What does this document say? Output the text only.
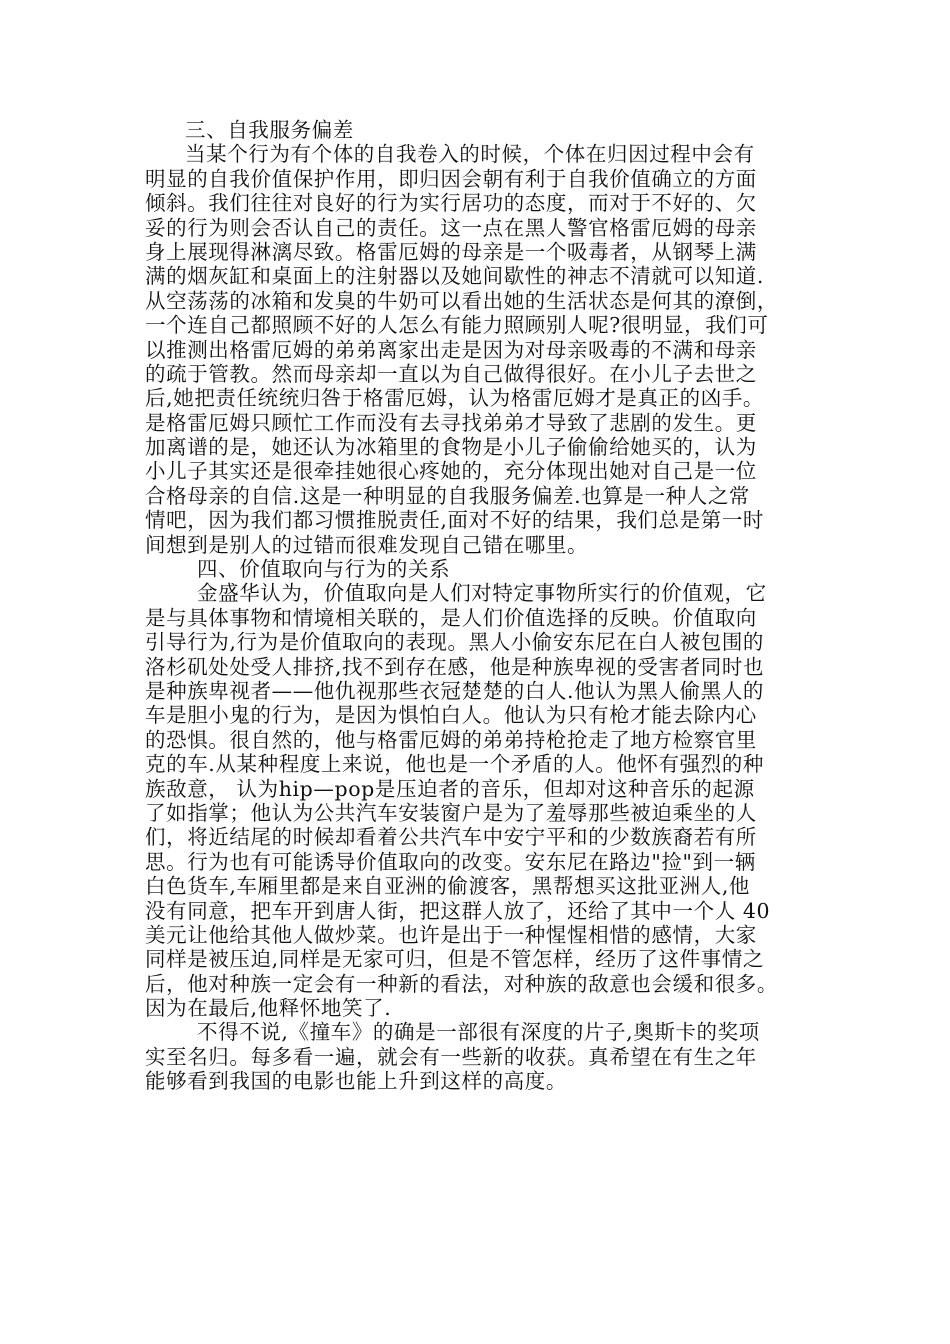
三、自我服务偏差
当某个行为有个体的自我卷入的时候，个体在归因过程中会有
明显的自我价值保护作用，即归因会朝有利于自我价值确立的方面
倾斜。我们往往对良好的行为实行居功的态度，而对于不好的、欠
妥的行为则会否认自己的责任。这一点在黑人警官格雷厄姆的母亲
身上展现得淋漓尽致。格雷厄姆的母亲是一个吸毒者，从钢琴上满
满的烟灰缸和桌面上的注射器以及她间歇性的神志不清就可以知道.
从空荡荡的冰箱和发臭的牛奶可以看出她的生活状态是何其的潦倒，
一个连自己都照顾不好的人怎么有能力照顾别人呢?很明显，我们可
以推测出格雷厄姆的弟弟离家出走是因为对母亲吸毒的不满和母亲
的疏于管教。然而母亲却一直以为自己做得很好。在小儿子去世之
后,她把责任统统归咎于格雷厄姆，认为格雷厄姆才是真正的凶手。
是格雷厄姆只顾忙工作而没有去寻找弟弟才导致了悲剧的发生。更
加离谱的是，她还认为冰箱里的食物是小儿子偷偷给她买的，认为
小儿子其实还是很牵挂她很心疼她的，充分体现出她对自己是一位
合格母亲的自信.这是一种明显的自我服务偏差.也算是一种人之常
情吧，因为我们都习惯推脱责任,面对不好的结果，我们总是第一时
间想到是别人的过错而很难发现自己错在哪里。
四、价值取向与行为的关系
金盛华认为，价值取向是人们对特定事物所实行的价值观，它
是与具体事物和情境相关联的，是人们价值选择的反映。价值取向
引导行为,行为是价值取向的表现。黑人小偷安东尼在白人被包围的
洛杉矶处处受人排挤,找不到存在感，他是种族卑视的受害者同时也
是种族卑视者——他仇视那些衣冠楚楚的白人.他认为黑人偷黑人的
车是胆小鬼的行为，是因为惧怕白人。他认为只有枪才能去除内心
的恐惧。很自然的，他与格雷厄姆的弟弟持枪抢走了地方检察官里
克的车.从某种程度上来说，他也是一个矛盾的人。他怀有强烈的种
族敌意， 认为hip—pop是压迫者的音乐，但却对这种音乐的起源
了如指掌；他认为公共汽车安装窗户是为了羞辱那些被迫乘坐的人
们，将近结尾的时候却看着公共汽车中安宁平和的少数族裔若有所
思。行为也有可能诱导价值取向的改变。安东尼在路边"捡"到一辆
白色货车,车厢里都是来自亚洲的偷渡客，黑帮想买这批亚洲人,他
没有同意，把车开到唐人街，把这群人放了，还给了其中一个人 40
美元让他给其他人做炒菜。也许是出于一种惺惺相惜的感情，大家
同样是被压迫,同样是无家可归，但是不管怎样，经历了这件事情之
后，他对种族一定会有一种新的看法，对种族的敌意也会缓和很多。
因为在最后,他释怀地笑了.
不得不说,《撞车》的确是一部很有深度的片子,奥斯卡的奖项
实至名归。每多看一遍，就会有一些新的收获。真希望在有生之年
能够看到我国的电影也能上升到这样的高度。
